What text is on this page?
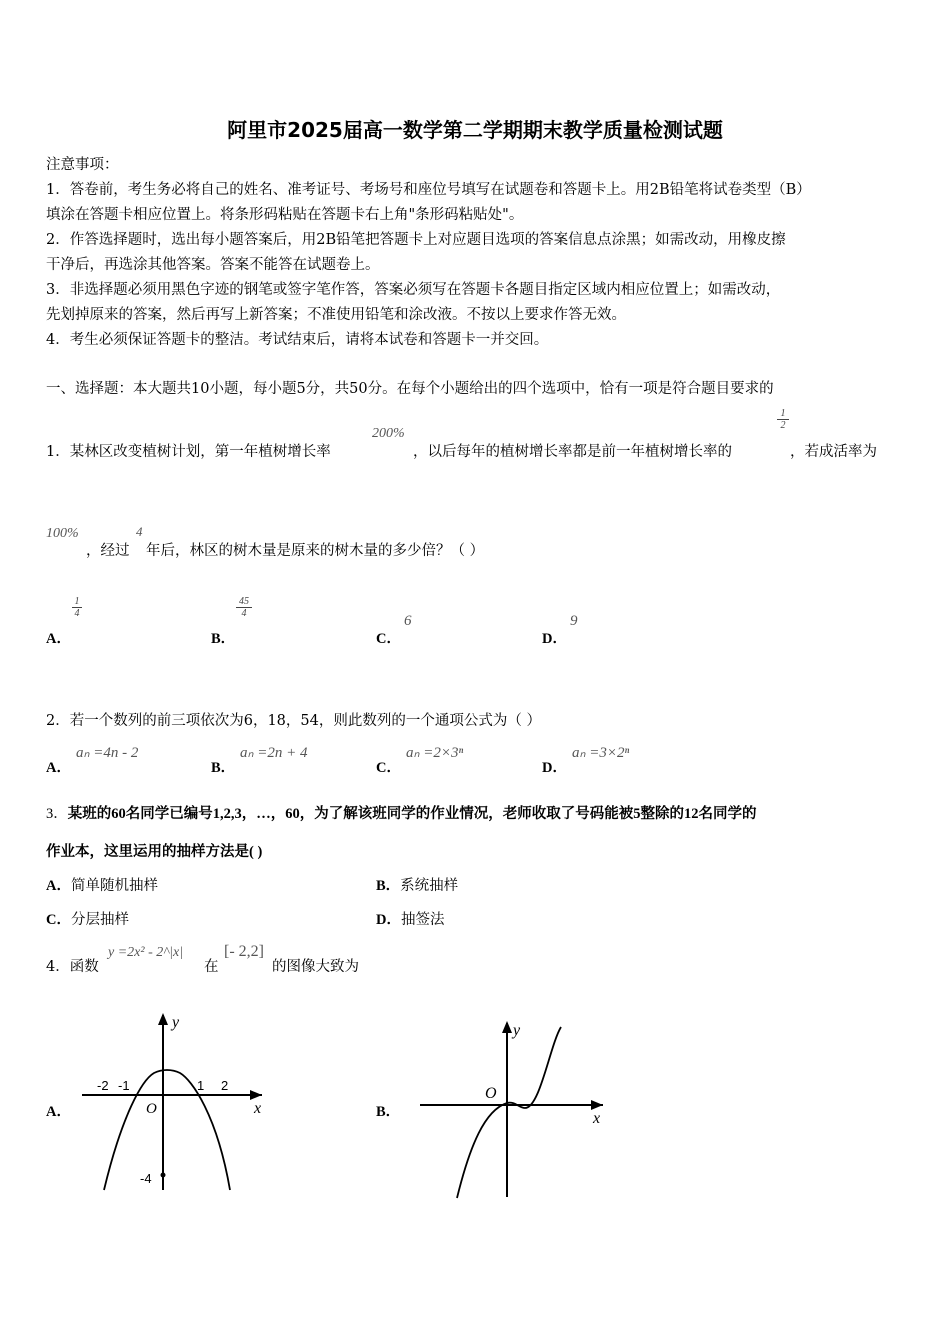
阿里市2025届高一数学第二学期期末教学质量检测试题
注意事项：
1．答卷前，考生务必将自己的姓名、准考证号、考场号和座位号填写在试题卷和答题卡上。用2B铅笔将试卷类型（B）
填涂在答题卡相应位置上。将条形码粘贴在答题卡右上角"条形码粘贴处"。
2．作答选择题时，选出每小题答案后，用2B铅笔把答题卡上对应题目选项的答案信息点涂黑；如需改动，用橡皮擦
干净后，再选涂其他答案。答案不能答在试题卷上。
3．非选择题必须用黑色字迹的钢笔或签字笔作答，答案必须写在答题卡各题目指定区域内相应位置上；如需改动，
先划掉原来的答案，然后再写上新答案；不准使用铅笔和涂改液。不按以上要求作答无效。
4．考生必须保证答题卡的整洁。考试结束后，请将本试卷和答题卡一并交回。
一、选择题：本大题共10小题，每小题5分，共50分。在每个小题给出的四个选项中，恰有一项是符合题目要求的
1．某林区改变植树计划，第一年植树增长率
200%
，以后每年的植树增长率都是前一年植树增长率的
$\frac{1}{2}$
，若成活率为
100%
，经过
4
年后，林区的树木量是原来的树木量的多少倍？（ ）
A．
$\frac{1}{4}$
B．
$\frac{45}{4}$
C．
6
D．
9
2．若一个数列的前三项依次为6，18，54，则此数列的一个通项公式为（ ）
A．
aₙ =4n - 2
B．
aₙ =2n + 4
C．
aₙ =2×3ⁿ
D．
aₙ =3×2ⁿ
3．某班的60名同学已编号1,2,3，…，60，为了解该班同学的作业情况，老师收取了号码能被5整除的12名同学的
作业本，这里运用的抽样方法是( )
A．简单随机抽样	B．系统抽样
C．分层抽样	D．抽签法
4．函数
y =2x² - 2^|x|
在
[- 2,2]
的图像大致为
A．
y
x
O
-2 -1	1 2
-4
B．
y
x
O
